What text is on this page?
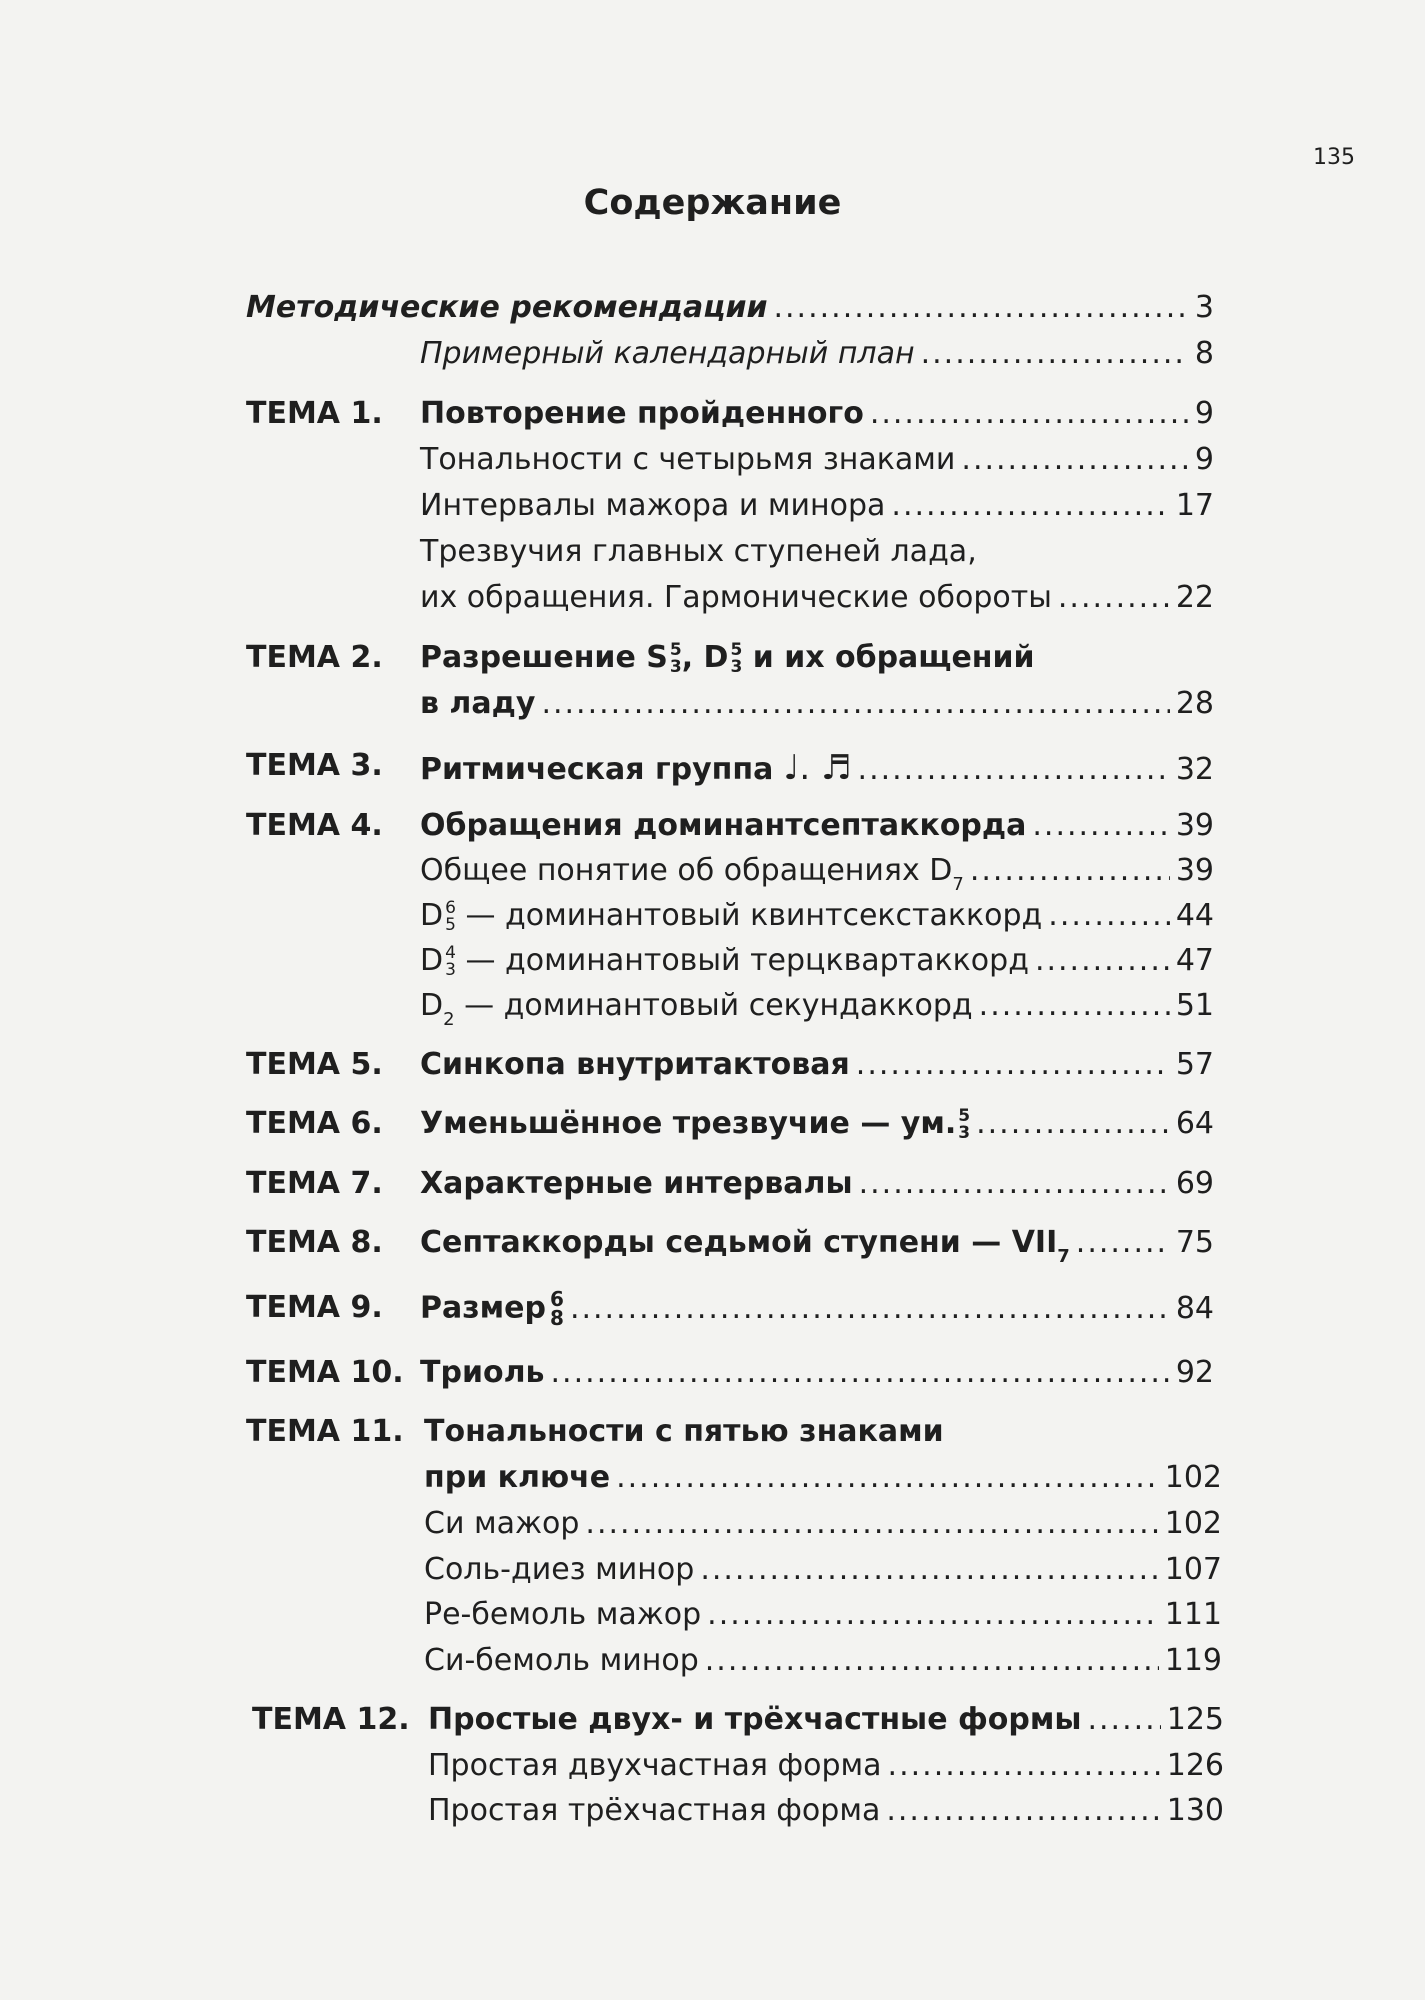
135
Содержание
Методические рекомендации .....	3
Примерный календарный план .....	8
ТЕМА 1. Повторение пройденного .....	9
Тональности с четырьмя знаками .....	9
Интервалы мажора и минора .....	17
Трезвучия главных ступеней лада,
их обращения. Гармонические обороты .....	22
ТЕМА 2. Разрешение S 5
3 , D 5
3 и их обращений
в ладу .....	28
ТЕМА 3. Ритмическая группа ♩. ♬ .....	32
ТЕМА 4. Обращения доминантсептаккорда .....	39
Общее понятие об обращениях D7 .....	39
D 6
5 — доминантовый квинтсекстаккорд .....	44
D 4
3 — доминантовый терцквартаккорд .....	47
D2 — доминантовый секундаккорд .....	51
ТЕМА 5. Синкопа внутритактовая .....	57
ТЕМА 6. Уменьшённое трезвучие — ум. 5
3 .....	64
ТЕМА 7. Характерные интервалы .....	69
ТЕМА 8. Септаккорды седьмой ступени — VII7 .....	75
ТЕМА 9. Размер 6
8 .....	84
ТЕМА 10. Триоль .....	92
ТЕМА 11. Тональности с пятью знаками
при ключе .....	102
Си мажор .....	102
Соль-диез минор .....	107
Ре-бемоль мажор .....	111
Си-бемоль минор .....	119
ТЕМА 12. Простые двух- и трёхчастные формы .....	125
Простая двухчастная форма .....	126
Простая трёхчастная форма .....	130
